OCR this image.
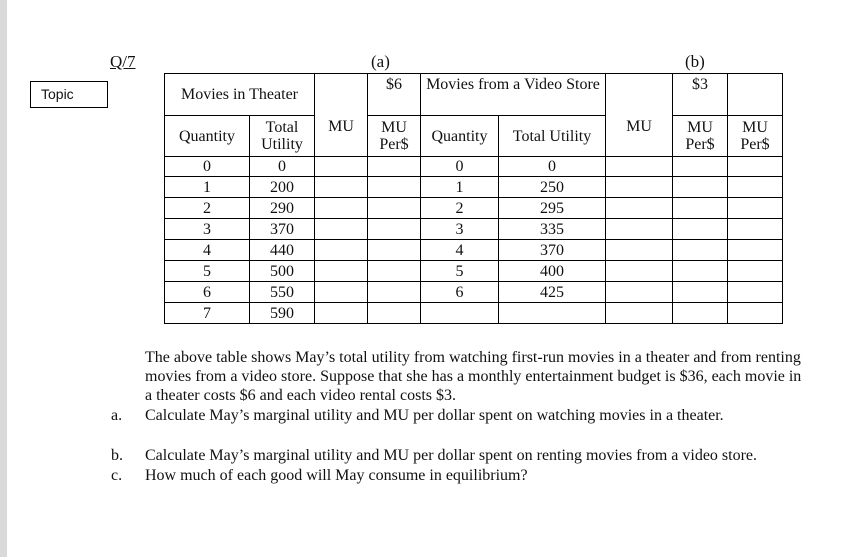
Topic
Q/7	(a)	(b)
Movies in Theater		MU	$6	Movies from a Video Store		MU	$3	
Quantity	Total Utility		MU Per$	Quantity	Total Utility		MU Per$	MU Per$
0	0			0	0			
1	200			1	250			
2	290			2	295			
3	370			3	335			
4	440			4	370			
5	500			5	400			
6	550			6	425			
7	590							

The above table shows May’s total utility from watching first-run movies in a theater and from renting movies from a video store. Suppose that she has a monthly entertainment budget is $36, each movie in a theater costs $6 and each video rental costs $3.

a. Calculate May’s marginal utility and MU per dollar spent on watching movies in a theater.

b. Calculate May’s marginal utility and MU per dollar spent on renting movies from a video store.

c. How much of each good will May consume in equilibrium?
